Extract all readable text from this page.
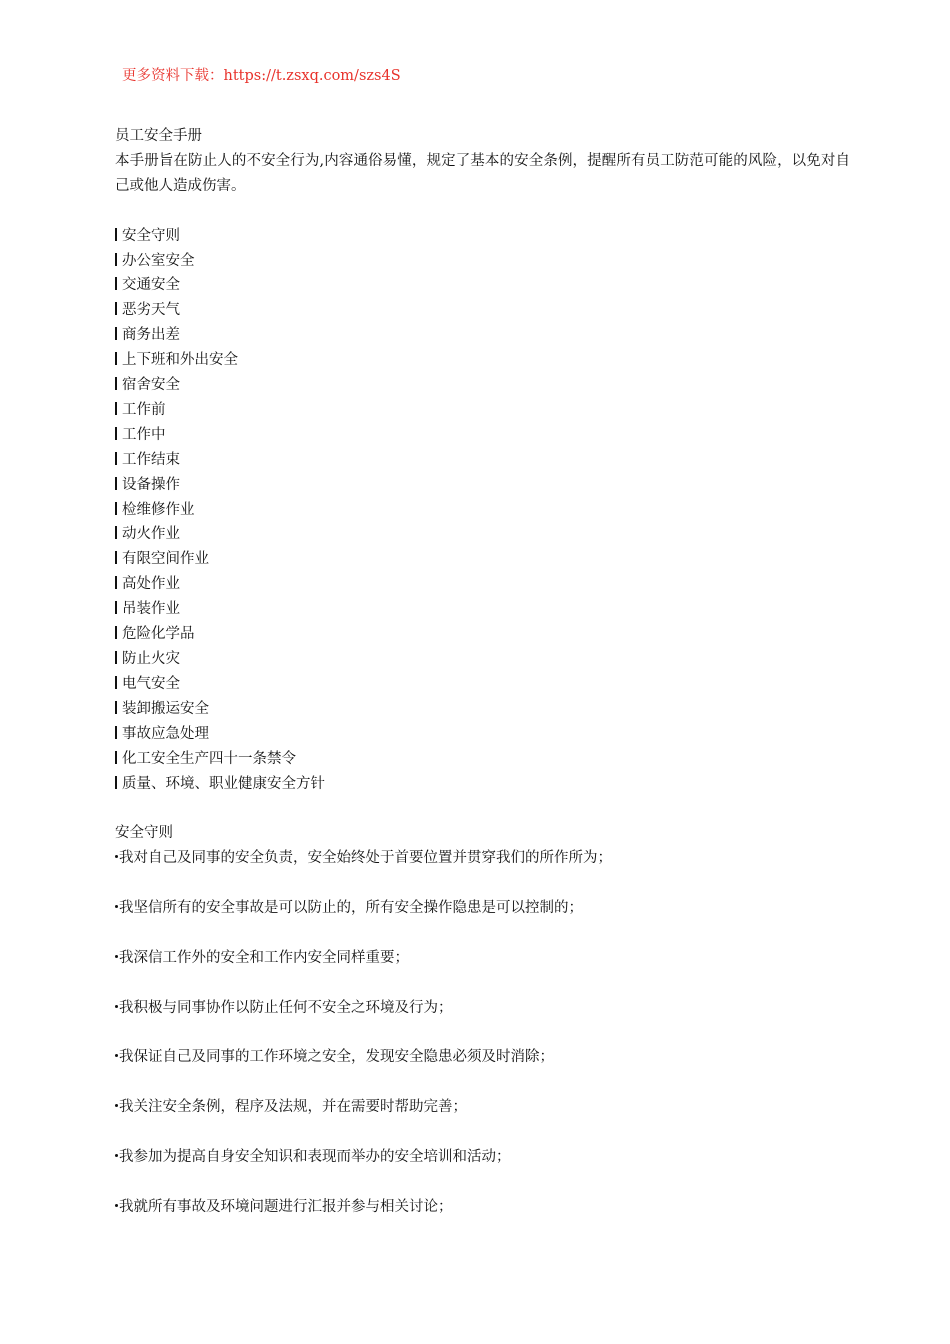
更多资料下载：https://t.zsxq.com/szs4S

员工安全手册

本手册旨在防止人的不安全行为,内容通俗易懂，规定了基本的安全条例，提醒所有员工防范可能的风险，以免对自己或他人造成伤害。

安全守则
办公室安全
交通安全
恶劣天气
商务出差
上下班和外出安全
宿舍安全
工作前
工作中
工作结束
设备操作
检维修作业
动火作业
有限空间作业
高处作业
吊装作业
危险化学品
防止火灾
电气安全
装卸搬运安全
事故应急处理
化工安全生产四十一条禁令
质量、环境、职业健康安全方针

安全守则

我对自己及同事的安全负责，安全始终处于首要位置并贯穿我们的所作所为；
我坚信所有的安全事故是可以防止的，所有安全操作隐患是可以控制的；
我深信工作外的安全和工作内安全同样重要；
我积极与同事协作以防止任何不安全之环境及行为；
我保证自己及同事的工作环境之安全，发现安全隐患必须及时消除；
我关注安全条例，程序及法规，并在需要时帮助完善；
我参加为提高自身安全知识和表现而举办的安全培训和活动；
我就所有事故及环境问题进行汇报并参与相关讨论；
